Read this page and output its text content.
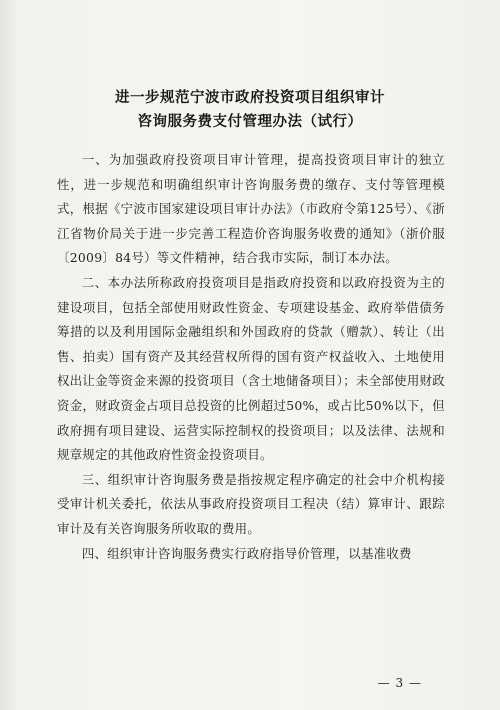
进一步规范宁波市政府投资项目组织审计
咨询服务费支付管理办法（试行）

一、为加强政府投资项目审计管理，提高投资项目审计的独立性，进一步规范和明确组织审计咨询服务费的缴存、支付等管理模式，根据《宁波市国家建设项目审计办法》（市政府令第125号）、《浙江省物价局关于进一步完善工程造价咨询服务收费的通知》（浙价服〔2009〕84号）等文件精神，结合我市实际，制订本办法。

二、本办法所称政府投资项目是指政府投资和以政府投资为主的建设项目，包括全部使用财政性资金、专项建设基金、政府举借债务筹措的以及利用国际金融组织和外国政府的贷款（赠款）、转让（出售、拍卖）国有资产及其经营权所得的国有资产权益收入、土地使用权出让金等资金来源的投资项目（含土地储备项目）；未全部使用财政资金，财政资金占项目总投资的比例超过50%，或占比50%以下，但政府拥有项目建设、运营实际控制权的投资项目；以及法律、法规和规章规定的其他政府性资金投资项目。

三、组织审计咨询服务费是指按规定程序确定的社会中介机构接受审计机关委托，依法从事政府投资项目工程决（结）算审计、跟踪审计及有关咨询服务所收取的费用。

四、组织审计咨询服务费实行政府指导价管理，以基准收费

— 3 —
